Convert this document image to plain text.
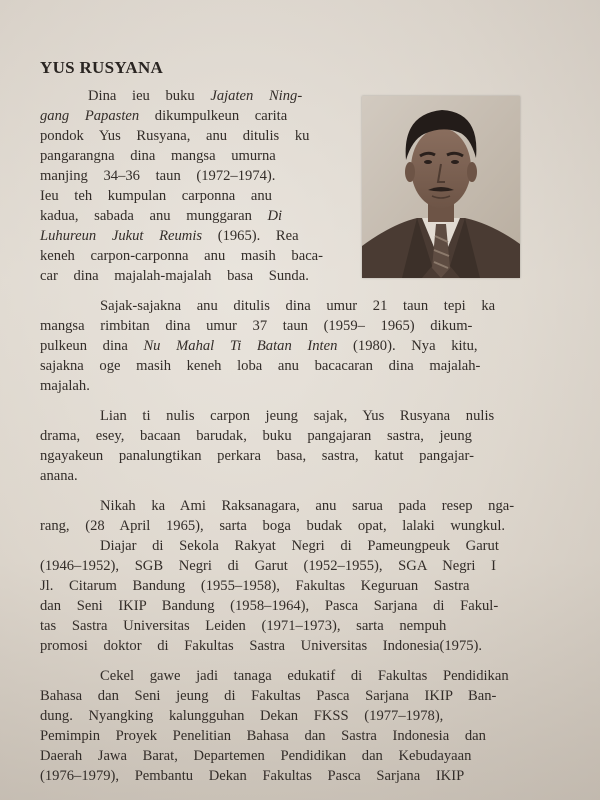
YUS RUSYANA
Dina ieu buku Jajaten Ning-
gang Papasten dikumpulkeun carita
pondok Yus Rusyana, anu ditulis ku
pangarangna dina mangsa umurna
manjing 34–36 taun (1972–1974).
Ieu teh kumpulan carponna anu
kadua, sabada anu munggaran Di
Luhureun Jukut Reumis (1965). Rea
keneh carpon-carponna anu masih baca-
car dina majalah-majalah basa Sunda.
Sajak-sajakna anu ditulis dina umur 21 taun tepi ka
mangsa rimbitan dina umur 37 taun (1959– 1965) dikum-
pulkeun dina Nu Mahal Ti Batan Inten (1980). Nya kitu,
sajakna oge masih keneh loba anu bacacaran dina majalah-
majalah.
Lian ti nulis carpon jeung sajak, Yus Rusyana nulis
drama, esey, bacaan barudak, buku pangajaran sastra, jeung
ngayakeun panalungtikan perkara basa, sastra, katut pangajar-
anana.
Nikah ka Ami Raksanagara, anu sarua pada resep nga-
rang, (28 April 1965), sarta boga budak opat, lalaki wungkul.
Diajar di Sekola Rakyat Negri di Pameungpeuk Garut
(1946–1952), SGB Negri di Garut (1952–1955), SGA Negri I
Jl. Citarum Bandung (1955–1958), Fakultas Keguruan Sastra
dan Seni IKIP Bandung (1958–1964), Pasca Sarjana di Fakul-
tas Sastra Universitas Leiden (1971–1973), sarta nempuh
promosi doktor di Fakultas Sastra Universitas Indonesia(1975).
Cekel gawe jadi tanaga edukatif di Fakultas Pendidikan
Bahasa dan Seni jeung di Fakultas Pasca Sarjana IKIP Ban-
dung. Nyangking kalungguhan Dekan FKSS (1977–1978),
Pemimpin Proyek Penelitian Bahasa dan Sastra Indonesia dan
Daerah Jawa Barat, Departemen Pendidikan dan Kebudayaan
(1976–1979), Pembantu Dekan Fakultas Pasca Sarjana IKIP
